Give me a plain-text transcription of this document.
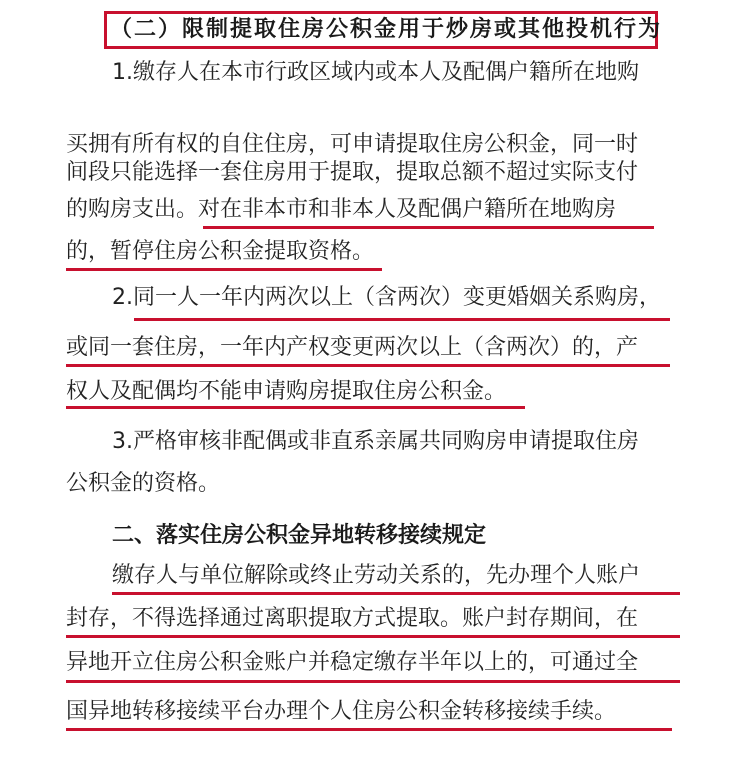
（二）限制提取住房公积金用于炒房或其他投机行为
1.缴存人在本市行政区域内或本人及配偶户籍所在地购
买拥有所有权的自住住房，可申请提取住房公积金，同一时
间段只能选择一套住房用于提取，提取总额不超过实际支付
的购房支出。对在非本市和非本人及配偶户籍所在地购房
的，暂停住房公积金提取资格。
2.同一人一年内两次以上（含两次）变更婚姻关系购房，
或同一套住房，一年内产权变更两次以上（含两次）的，产
权人及配偶均不能申请购房提取住房公积金。
3.严格审核非配偶或非直系亲属共同购房申请提取住房
公积金的资格。
二、落实住房公积金异地转移接续规定
缴存人与单位解除或终止劳动关系的，先办理个人账户
封存，不得选择通过离职提取方式提取。账户封存期间，在
异地开立住房公积金账户并稳定缴存半年以上的，可通过全
国异地转移接续平台办理个人住房公积金转移接续手续。
